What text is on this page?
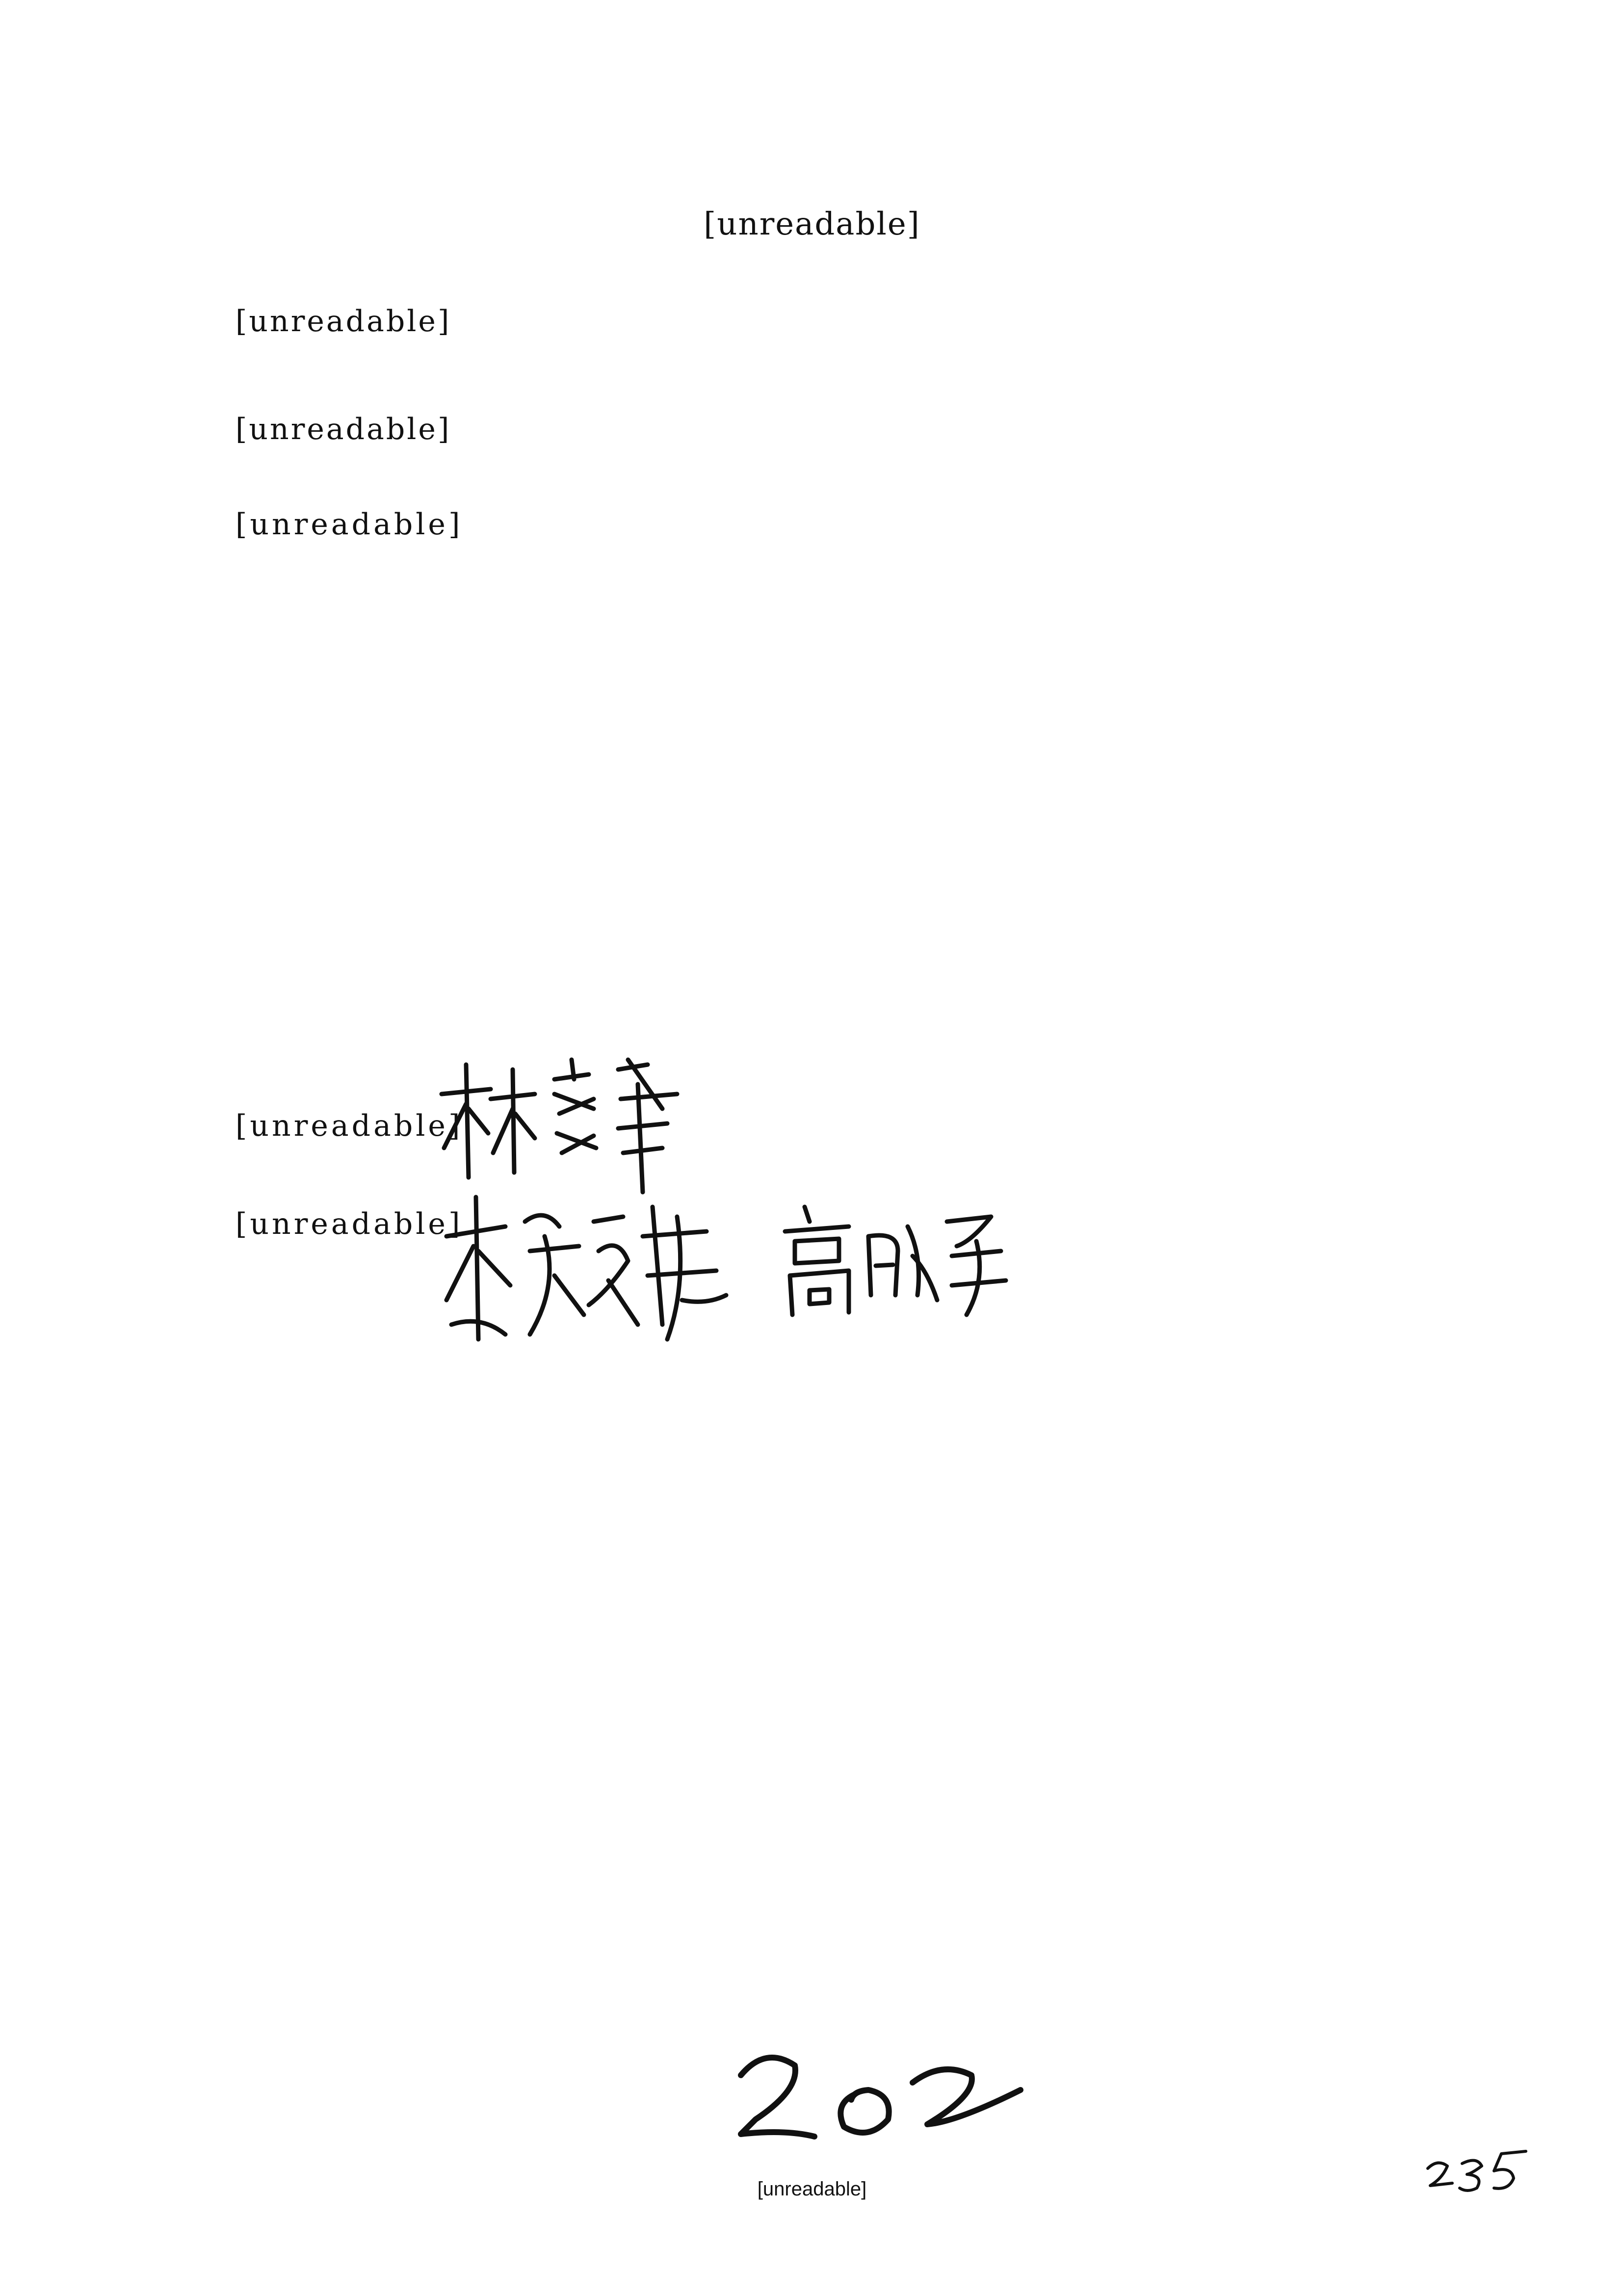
[unreadable]
[unreadable]
[unreadable]
[unreadable]
[unreadable]
[unreadable]
[unreadable]
